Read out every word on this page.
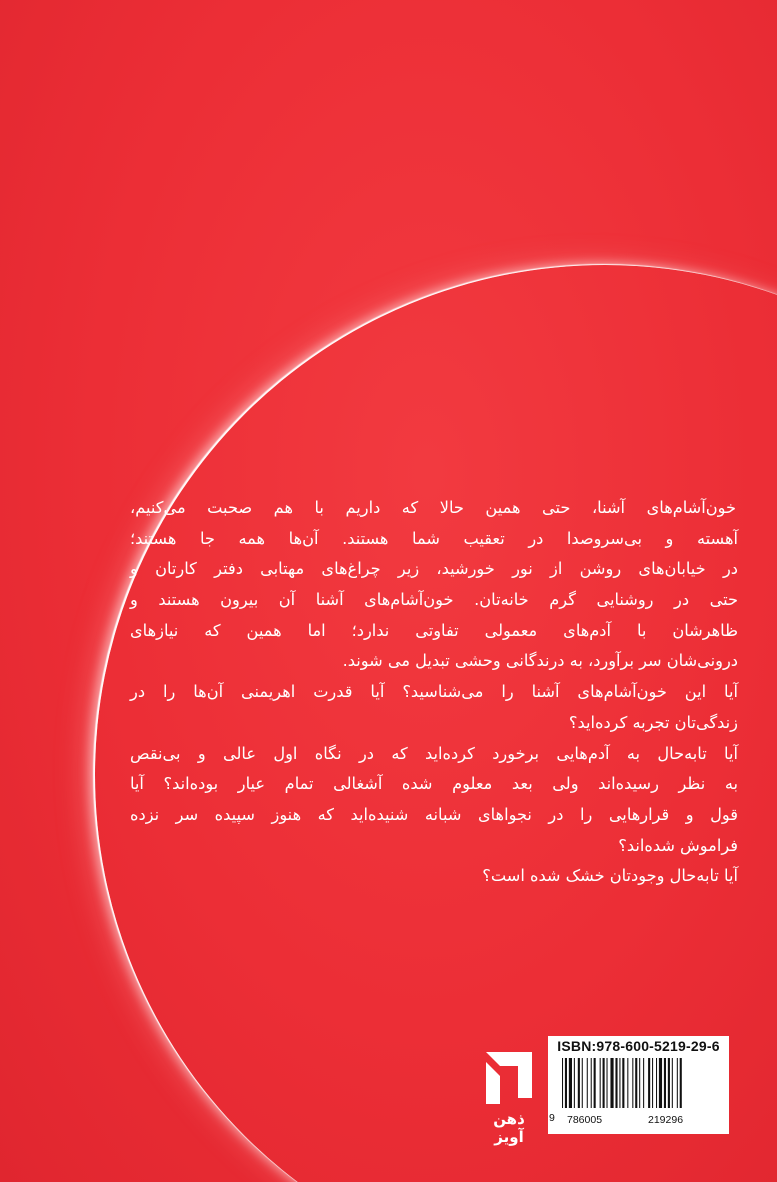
خون‌آشام‌های آشنا، حتی همین حالا که داریم با هم صحبت می‌کنیم،
آهسته و بی‌سروصدا در تعقیب شما هستند. آن‌ها همه جا هستند؛
در خیابان‌های روشن از نور خورشید، زیر چراغ‌های مهتابی دفتر کارتان و
حتی در روشنایی گرم خانه‌تان. خون‌آشام‌های آشنا آن بیرون هستند و
ظاهرشان با آدم‌های معمولی تفاوتی ندارد؛ اما همین که نیازهای
درونی‌شان سر برآورد، به درندگانی وحشی تبدیل می شوند.
آیا این خون‌آشام‌های آشنا را می‌شناسید؟ آیا قدرت اهریمنی آن‌ها را در
زندگی‌تان تجربه کرده‌اید؟
آیا تابه‌حال به آدم‌هایی برخورد کرده‌اید که در نگاه اول عالی و بی‌نقص
به نظر رسیده‌اند ولی بعد معلوم شده آشغالی تمام عیار بوده‌اند؟ آیا
قول و قرارهایی را در نجواهای شبانه شنیده‌اید که هنوز سپیده سر نزده
فراموش شده‌اند؟
آیا تابه‌حال وجودتان خشک شده است؟
ذهن آویز
ISBN:978-600-5219-29-6
9 786005	219296
